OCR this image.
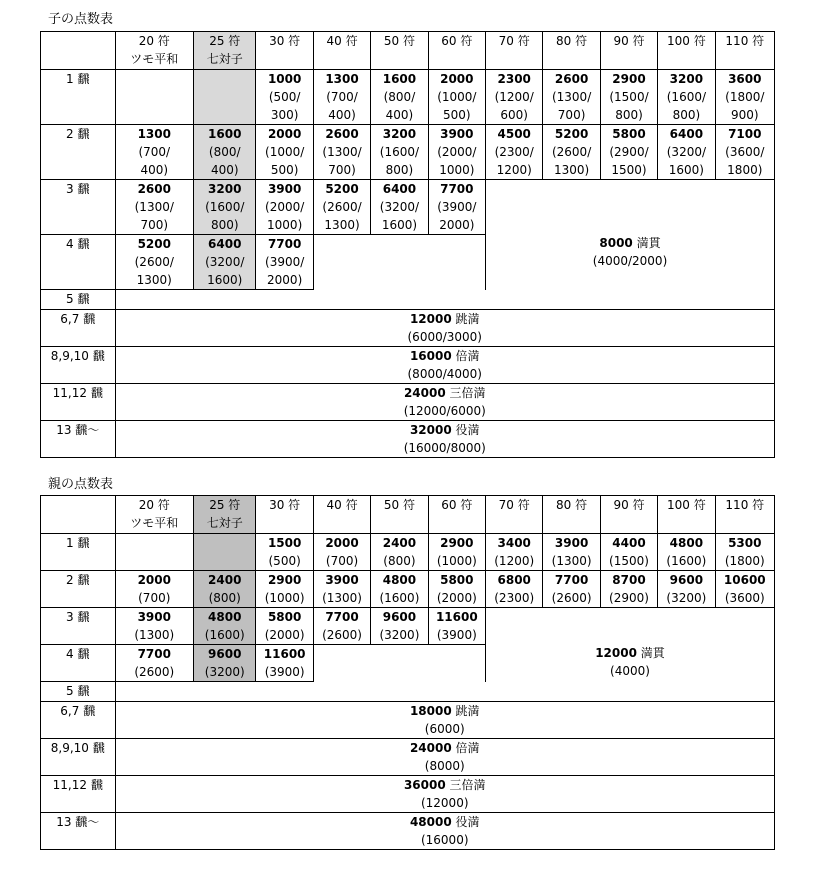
子の点数表
	20 符
ツモ平和	25 符
七対子	30 符	40 符	50 符	60 符	70 符	80 符	90 符	100 符	110 符
1 飜			1000
(500/
300)	1300
(700/
400)	1600
(800/
400)	2000
(1000/
500)	2300
(1200/
600)	2600
(1300/
700)	2900
(1500/
800)	3200
(1600/
800)	3600
(1800/
900)
2 飜	1300
(700/
400)	1600
(800/
400)	2000
(1000/
500)	2600
(1300/
700)	3200
(1600/
800)	3900
(2000/
1000)	4500
(2300/
1200)	5200
(2600/
1300)	5800
(2900/
1500)	6400
(3200/
1600)	7100
(3600/
1800)
3 飜	2600
(1300/
700)	3200
(1600/
800)	3900
(2000/
1000)	5200
(2600/
1300)	6400
(3200/
1600)	7700
(3900/
2000)	8000 満貫
(4000/2000)				

4 飜	5200
(2600/
1300)	6400
(3200/
1600)	7700
(3900/
2000)								
5 飜											
6,7 飜	12000 跳満
(6000/3000)										
8,9,10 飜	16000 倍満
(8000/4000)										
11,12 飜	24000 三倍満
(12000/6000)										
13 飜～	32000 役満
(16000/8000)										
親の点数表
	20 符
ツモ平和	25 符
七対子	30 符	40 符	50 符	60 符	70 符	80 符	90 符	100 符	110 符
1 飜			1500
(500)	2000
(700)	2400
(800)	2900
(1000)	3400
(1200)	3900
(1300)	4400
(1500)	4800
(1600)	5300
(1800)
2 飜	2000
(700)	2400
(800)	2900
(1000)	3900
(1300)	4800
(1600)	5800
(2000)	6800
(2300)	7700
(2600)	8700
(2900)	9600
(3200)	10600
(3600)
3 飜	3900
(1300)	4800
(1600)	5800
(2000)	7700
(2600)	9600
(3200)	11600
(3900)	12000 満貫
(4000)				

4 飜	7700
(2600)	9600
(3200)	11600
(3900)								
5 飜											
6,7 飜	18000 跳満
(6000)										
8,9,10 飜	24000 倍満
(8000)										
11,12 飜	36000 三倍満
(12000)										
13 飜～	48000 役満
(16000)										
